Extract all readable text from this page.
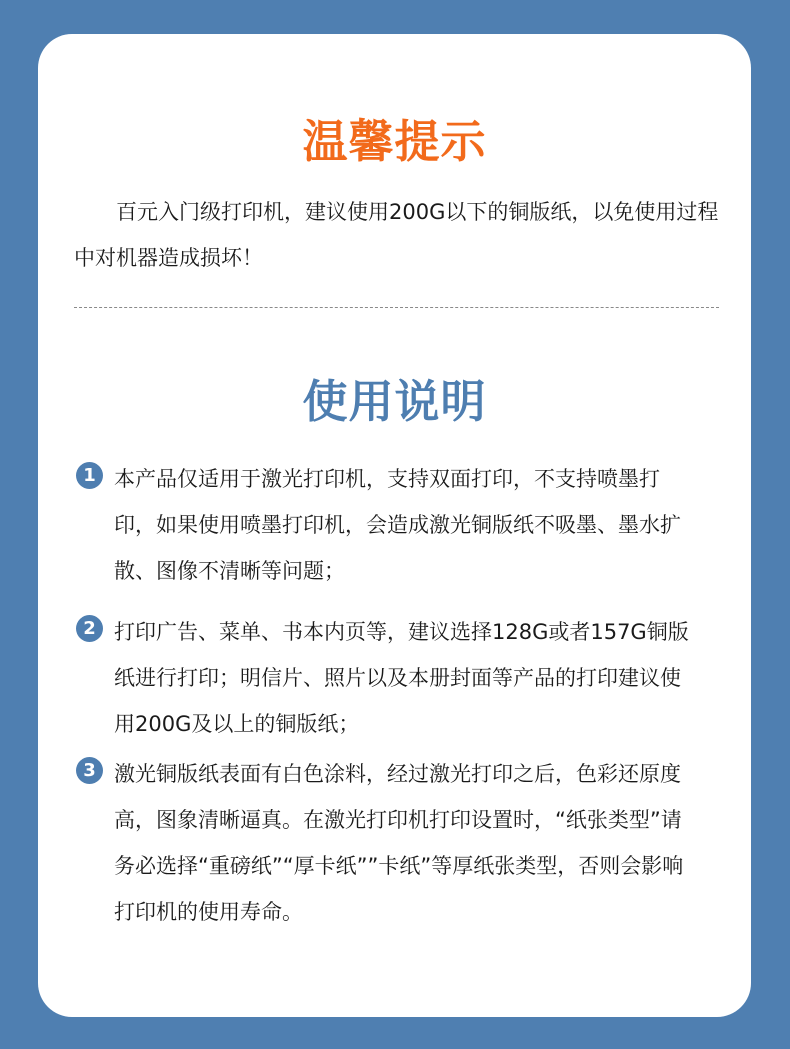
温馨提示

百元入门级打印机，建议使用200G以下的铜版纸，以免使用过程中对机器造成损坏！

使用说明
1 本产品仅适用于激光打印机，支持双面打印，不支持喷墨打印，如果使用喷墨打印机，会造成激光铜版纸不吸墨、墨水扩散、图像不清晰等问题；

2 打印广告、菜单、书本内页等，建议选择128G或者157G铜版纸进行打印；明信片、照片以及本册封面等产品的打印建议使用200G及以上的铜版纸；

3 激光铜版纸表面有白色涂料，经过激光打印之后，色彩还原度高，图象清晰逼真。在激光打印机打印设置时，“纸张类型”请务必选择“重磅纸”“厚卡纸””卡纸”等厚纸张类型，否则会影响打印机的使用寿命。
